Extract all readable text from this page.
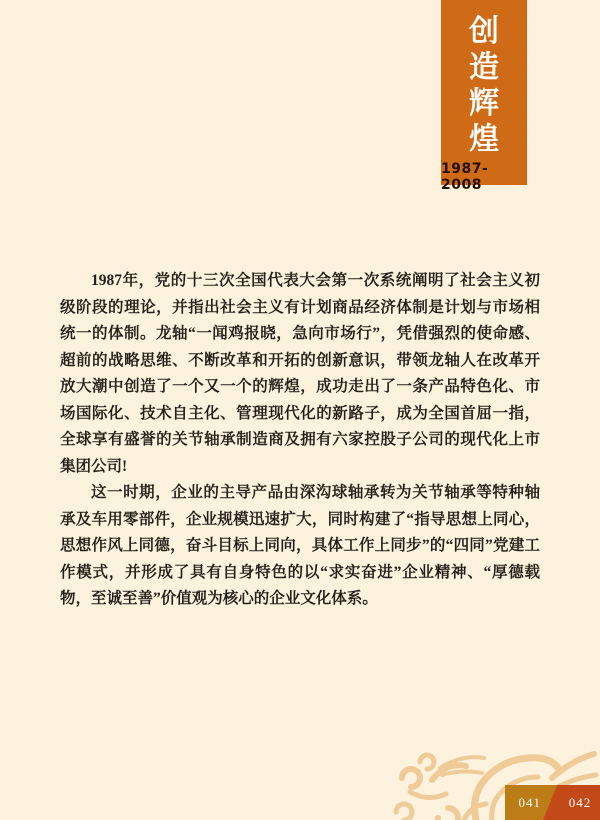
创
造
辉
煌
1987-2008

1987年，党的十三次全国代表大会第一次系统阐明了社会主义初级阶段的理论，并指出社会主义有计划商品经济体制是计划与市场相统一的体制。龙轴“一闻鸡报晓，急向市场行”，凭借强烈的使命感、超前的战略思维、不断改革和开拓的创新意识，带领龙轴人在改革开放大潮中创造了一个又一个的辉煌，成功走出了一条产品特色化、市场国际化、技术自主化、管理现代化的新路子，成为全国首屈一指，全球享有盛誉的关节轴承制造商及拥有六家控股子公司的现代化上市集团公司!

这一时期，企业的主导产品由深沟球轴承转为关节轴承等特种轴承及车用零部件，企业规模迅速扩大，同时构建了“指导思想上同心，思想作风上同德，奋斗目标上同向，具体工作上同步”的“四同”党建工作模式，并形成了具有自身特色的以“求实奋进”企业精神、“厚德载物，至诚至善”价值观为核心的企业文化体系。

041	042
